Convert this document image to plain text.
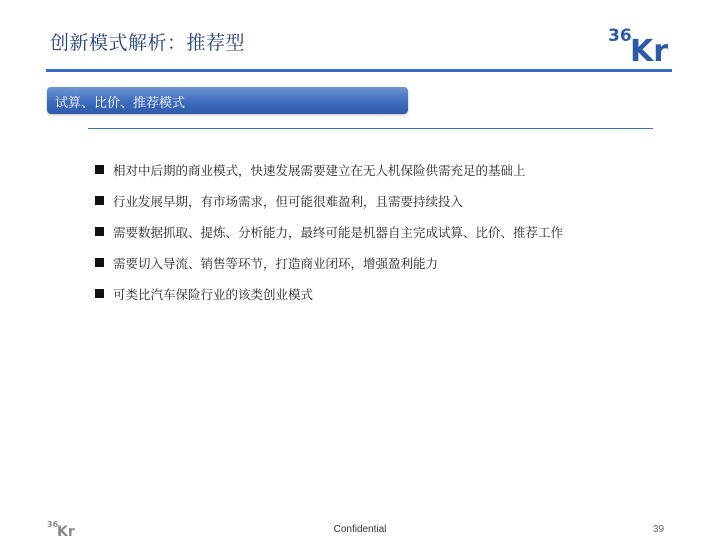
创新模式解析：推荐型	36
Kr
试算、比价、推荐模式
相对中后期的商业模式，快速发展需要建立在无人机保险供需充足的基础上
行业发展早期，有市场需求，但可能很难盈利，且需要持续投入
需要数据抓取、提炼、分析能力，最终可能是机器自主完成试算、比价、推荐工作
需要切入导流、销售等环节，打造商业闭环，增强盈利能力
可类比汽车保险行业的该类创业模式
36
Kr	Confidential	39
